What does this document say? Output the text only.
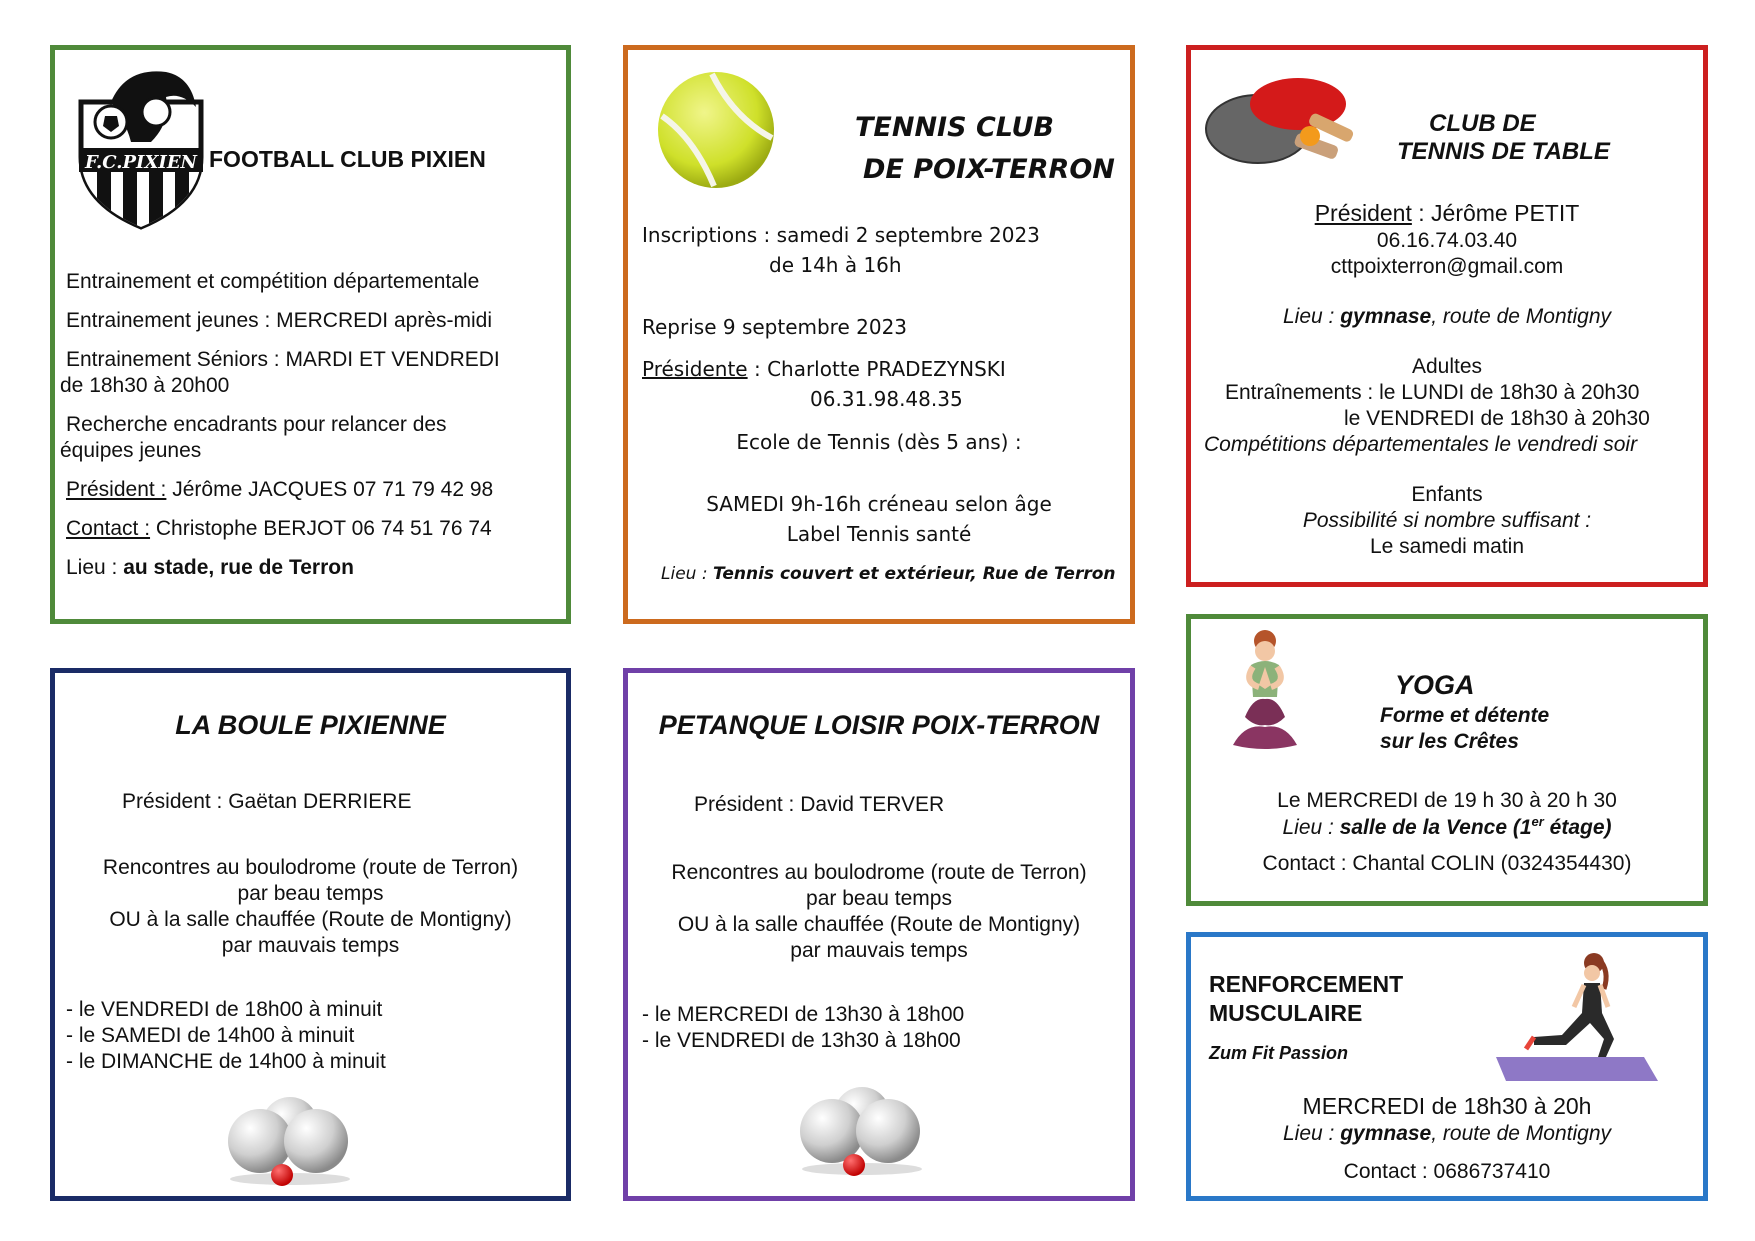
F.C.PIXIEN FOOTBALL CLUB PIXIEN
Entrainement et compétition départementale
Entrainement jeunes : MERCREDI après-midi
Entrainement Séniors : MARDI ET VENDREDI
de 18h30 à 20h00
Recherche encadrants pour relancer des
équipes jeunes
Président : Jérôme JACQUES 07 71 79 42 98
Contact : Christophe BERJOT 06 74 51 76 74
Lieu : au stade, rue de Terron
TENNIS CLUB
DE POIX-TERRON
Inscriptions : samedi 2 septembre 2023
de 14h à 16h
Reprise 9 septembre 2023
Présidente : Charlotte PRADEZYNSKI
06.31.98.48.35
Ecole de Tennis (dès 5 ans) :
SAMEDI 9h-16h créneau selon âge
Label Tennis santé
Lieu : Tennis couvert et extérieur, Rue de Terron
CLUB DE
TENNIS DE TABLE
Président : Jérôme PETIT
06.16.74.03.40
cttpoixterron@gmail.com
Lieu : gymnase, route de Montigny
Adultes
Entraînements : le LUNDI de 18h30 à 20h30
le VENDREDI de 18h30 à 20h30
Compétitions départementales le vendredi soir
Enfants
Possibilité si nombre suffisant :
Le samedi matin
LA BOULE PIXIENNE
Président : Gaëtan DERRIERE
Rencontres au boulodrome (route de Terron)
par beau temps
OU à la salle chauffée (Route de Montigny)
par mauvais temps
- le VENDREDI de 18h00 à minuit
- le SAMEDI de 14h00 à minuit
- le DIMANCHE de 14h00 à minuit
PETANQUE LOISIR POIX-TERRON
Président : David TERVER
Rencontres au boulodrome (route de Terron)
par beau temps
OU à la salle chauffée (Route de Montigny)
par mauvais temps
- le MERCREDI de 13h30 à 18h00
- le VENDREDI de 13h30 à 18h00
YOGA
Forme et détente
sur les Crêtes
Le MERCREDI de 19 h 30 à 20 h 30
Lieu : salle de la Vence (1er étage)
Contact : Chantal COLIN (0324354430)
RENFORCEMENT
MUSCULAIRE
Zum Fit Passion
MERCREDI de 18h30 à 20h
Lieu : gymnase, route de Montigny
Contact : 0686737410
